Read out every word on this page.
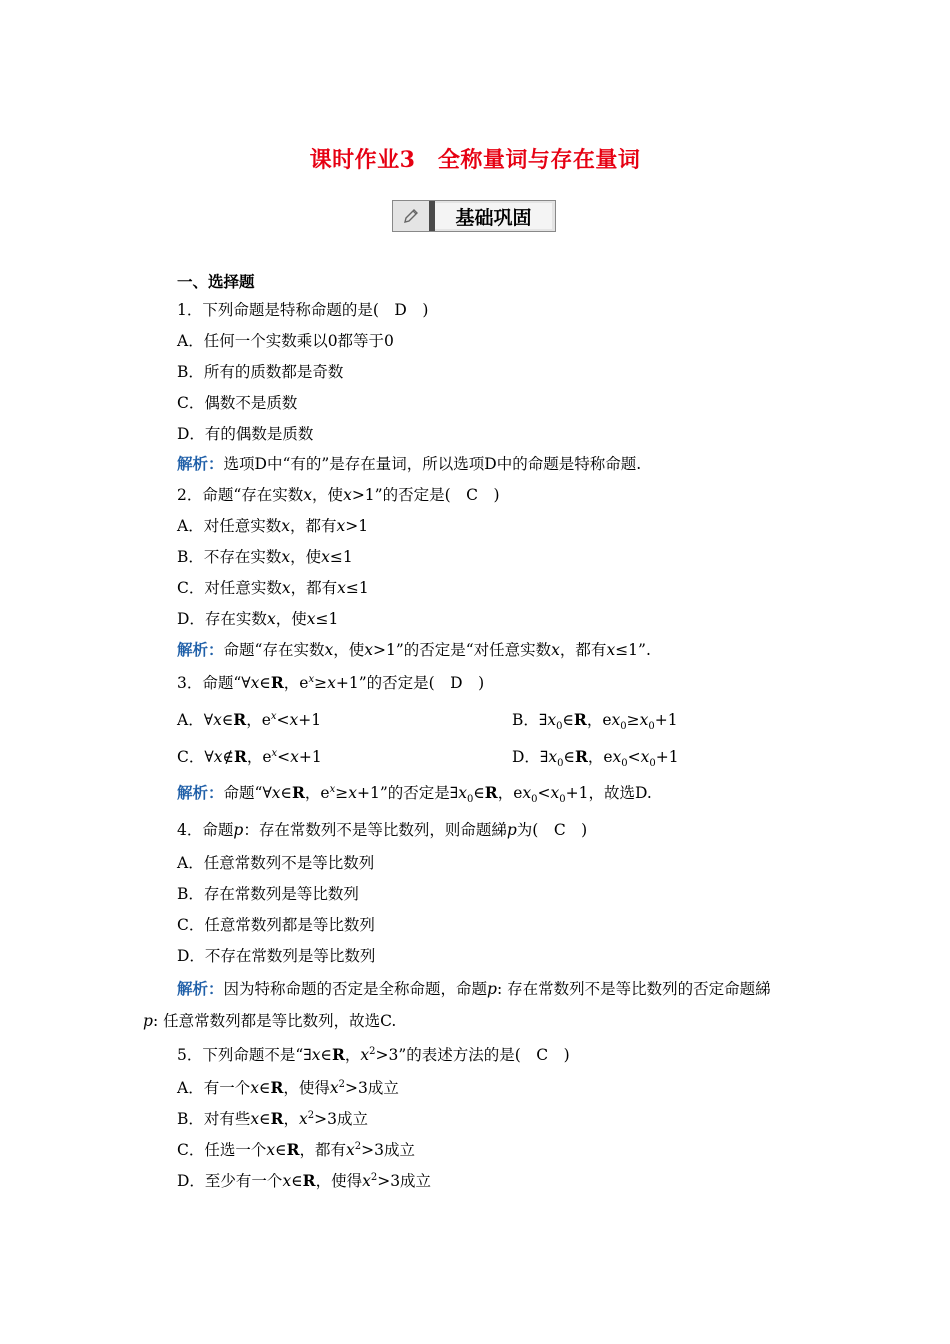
课时作业3　全称量词与存在量词
基础巩固
一、选择题
1．下列命题是特称命题的是(　D　)
A．任何一个实数乘以0都等于0
B．所有的质数都是奇数
C．偶数不是质数
D．有的偶数是质数
解析：选项D中“有的”是存在量词，所以选项D中的命题是特称命题.
2．命题“存在实数x，使x>1”的否定是(　C　)
A．对任意实数x，都有x>1
B．不存在实数x，使x≤1
C．对任意实数x，都有x≤1
D．存在实数x，使x≤1
解析：命题“存在实数x，使x>1”的否定是“对任意实数x，都有x≤1”.
3．命题“∀x∈R，$e^x\ge x+1$”的否定是(　D　)
A．∀x∈R，$e^x<x+1$	B．$\exists x_0\in R$，$ex_0\ge x_0+1$
C．∀x∉R，$e^x<x+1$	D．$\exists x_0\in R$，$ex_0<x_0+1$
解析：命题“∀x∈R，$e^x\ge x+1$”的否定是$\exists x_0\in R$，$ex_0<x_0+1$，故选D.
4．命题p：存在常数列不是等比数列，则命题綈p为(　C　)
A．任意常数列不是等比数列
B．存在常数列是等比数列
C．任意常数列都是等比数列
D．不存在常数列是等比数列
解析：因为特称命题的否定是全称命题，命题p: 存在常数列不是等比数列的否定命题綈
p: 任意常数列都是等比数列，故选C.
5．下列命题不是“∃x∈R，$x^2>3$”的表述方法的是(　C　)
A．有一个x∈R，使得$x^2>3$成立
B．对有些x∈R，$x^2>3$成立
C．任选一个x∈R，都有$x^2>3$成立
D．至少有一个x∈R，使得$x^2>3$成立
